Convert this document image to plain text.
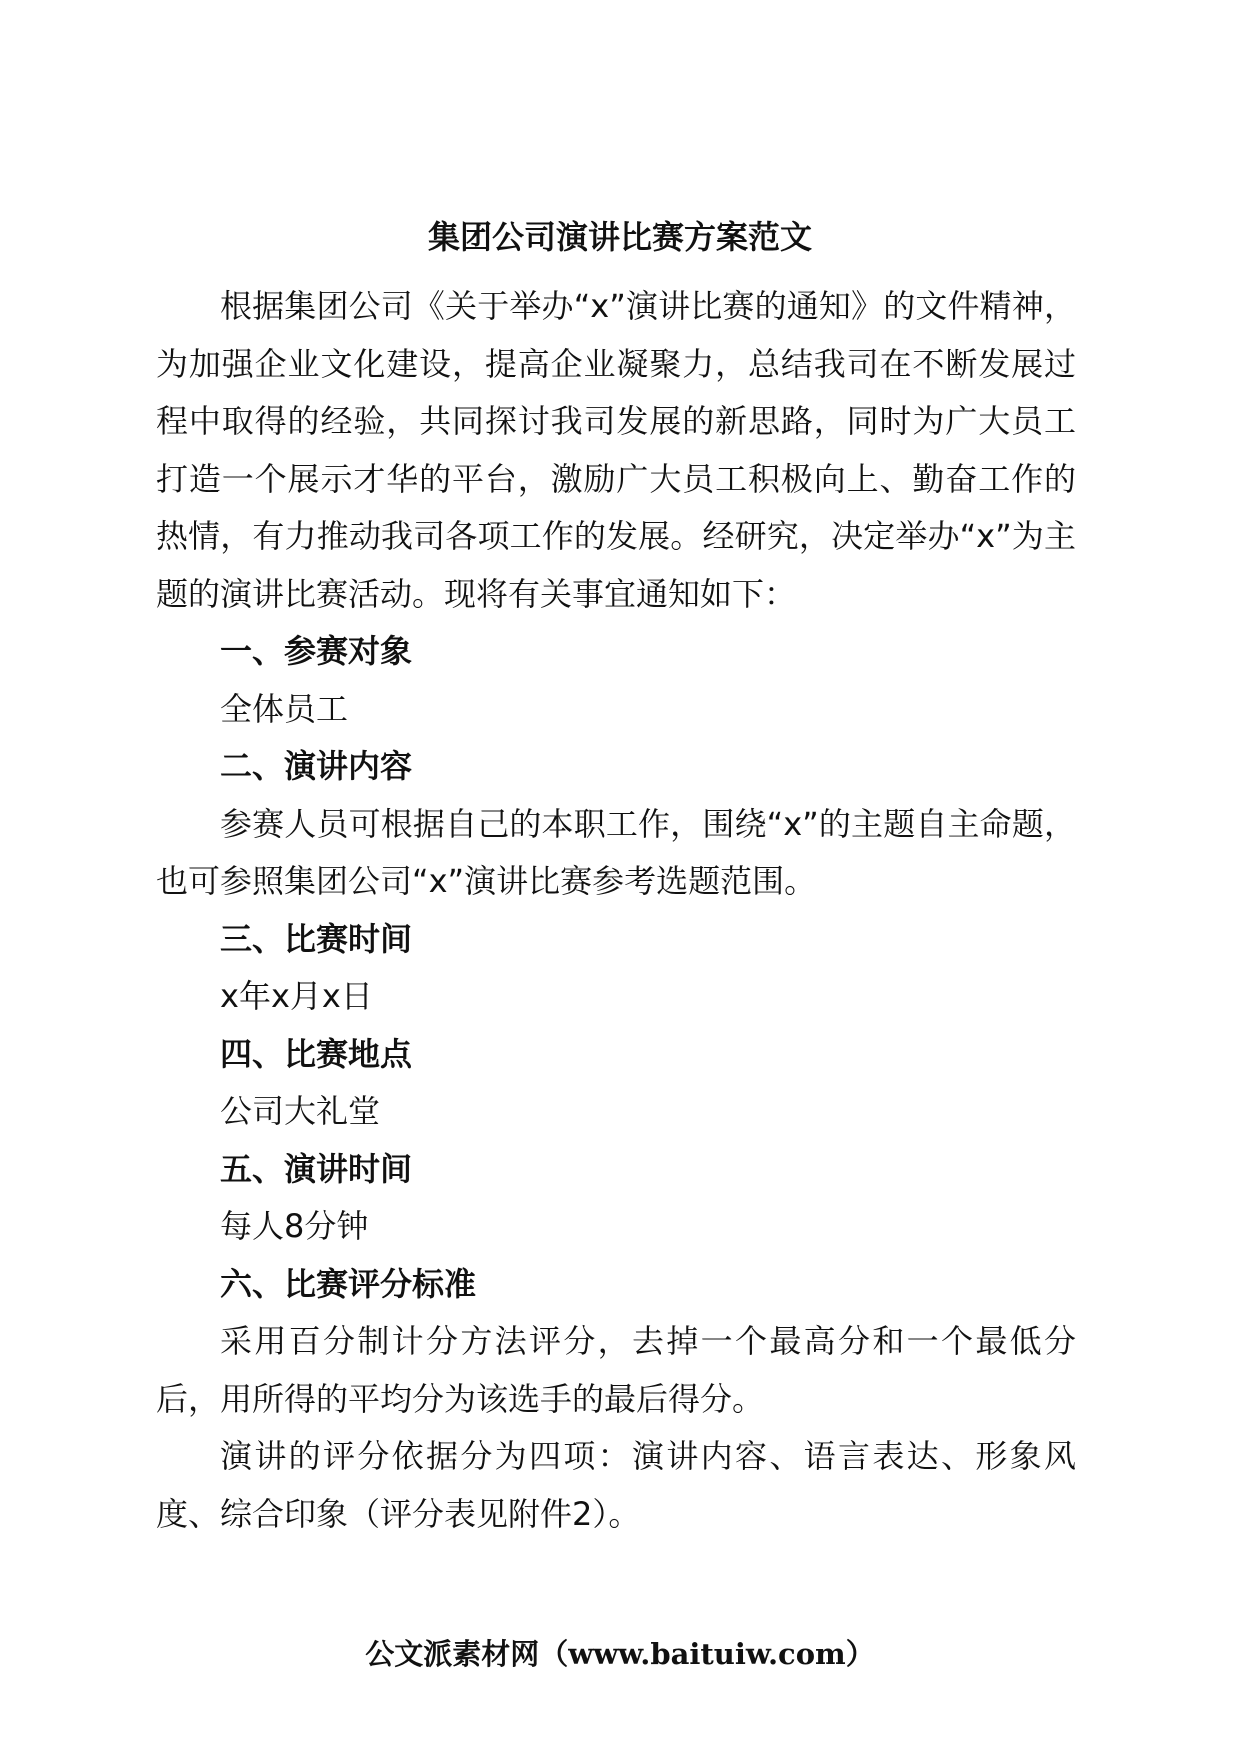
集团公司演讲比赛方案范文

根据集团公司《关于举办“x”演讲比赛的通知》的文件精神，为加强企业文化建设，提高企业凝聚力，总结我司在不断发展过程中取得的经验，共同探讨我司发展的新思路，同时为广大员工打造一个展示才华的平台，激励广大员工积极向上、勤奋工作的热情，有力推动我司各项工作的发展。经研究，决定举办“x”为主题的演讲比赛活动。现将有关事宜通知如下：

一、参赛对象

全体员工

二、演讲内容

参赛人员可根据自己的本职工作，围绕“x”的主题自主命题，也可参照集团公司“x”演讲比赛参考选题范围。

三、比赛时间

x年x月x日

四、比赛地点

公司大礼堂

五、演讲时间

每人8分钟

六、比赛评分标准

采用百分制计分方法评分，去掉一个最高分和一个最低分后，用所得的平均分为该选手的最后得分。

演讲的评分依据分为四项：演讲内容、语言表达、形象风度、综合印象（评分表见附件2）。

公文派素材网（www.baituiw.com）
